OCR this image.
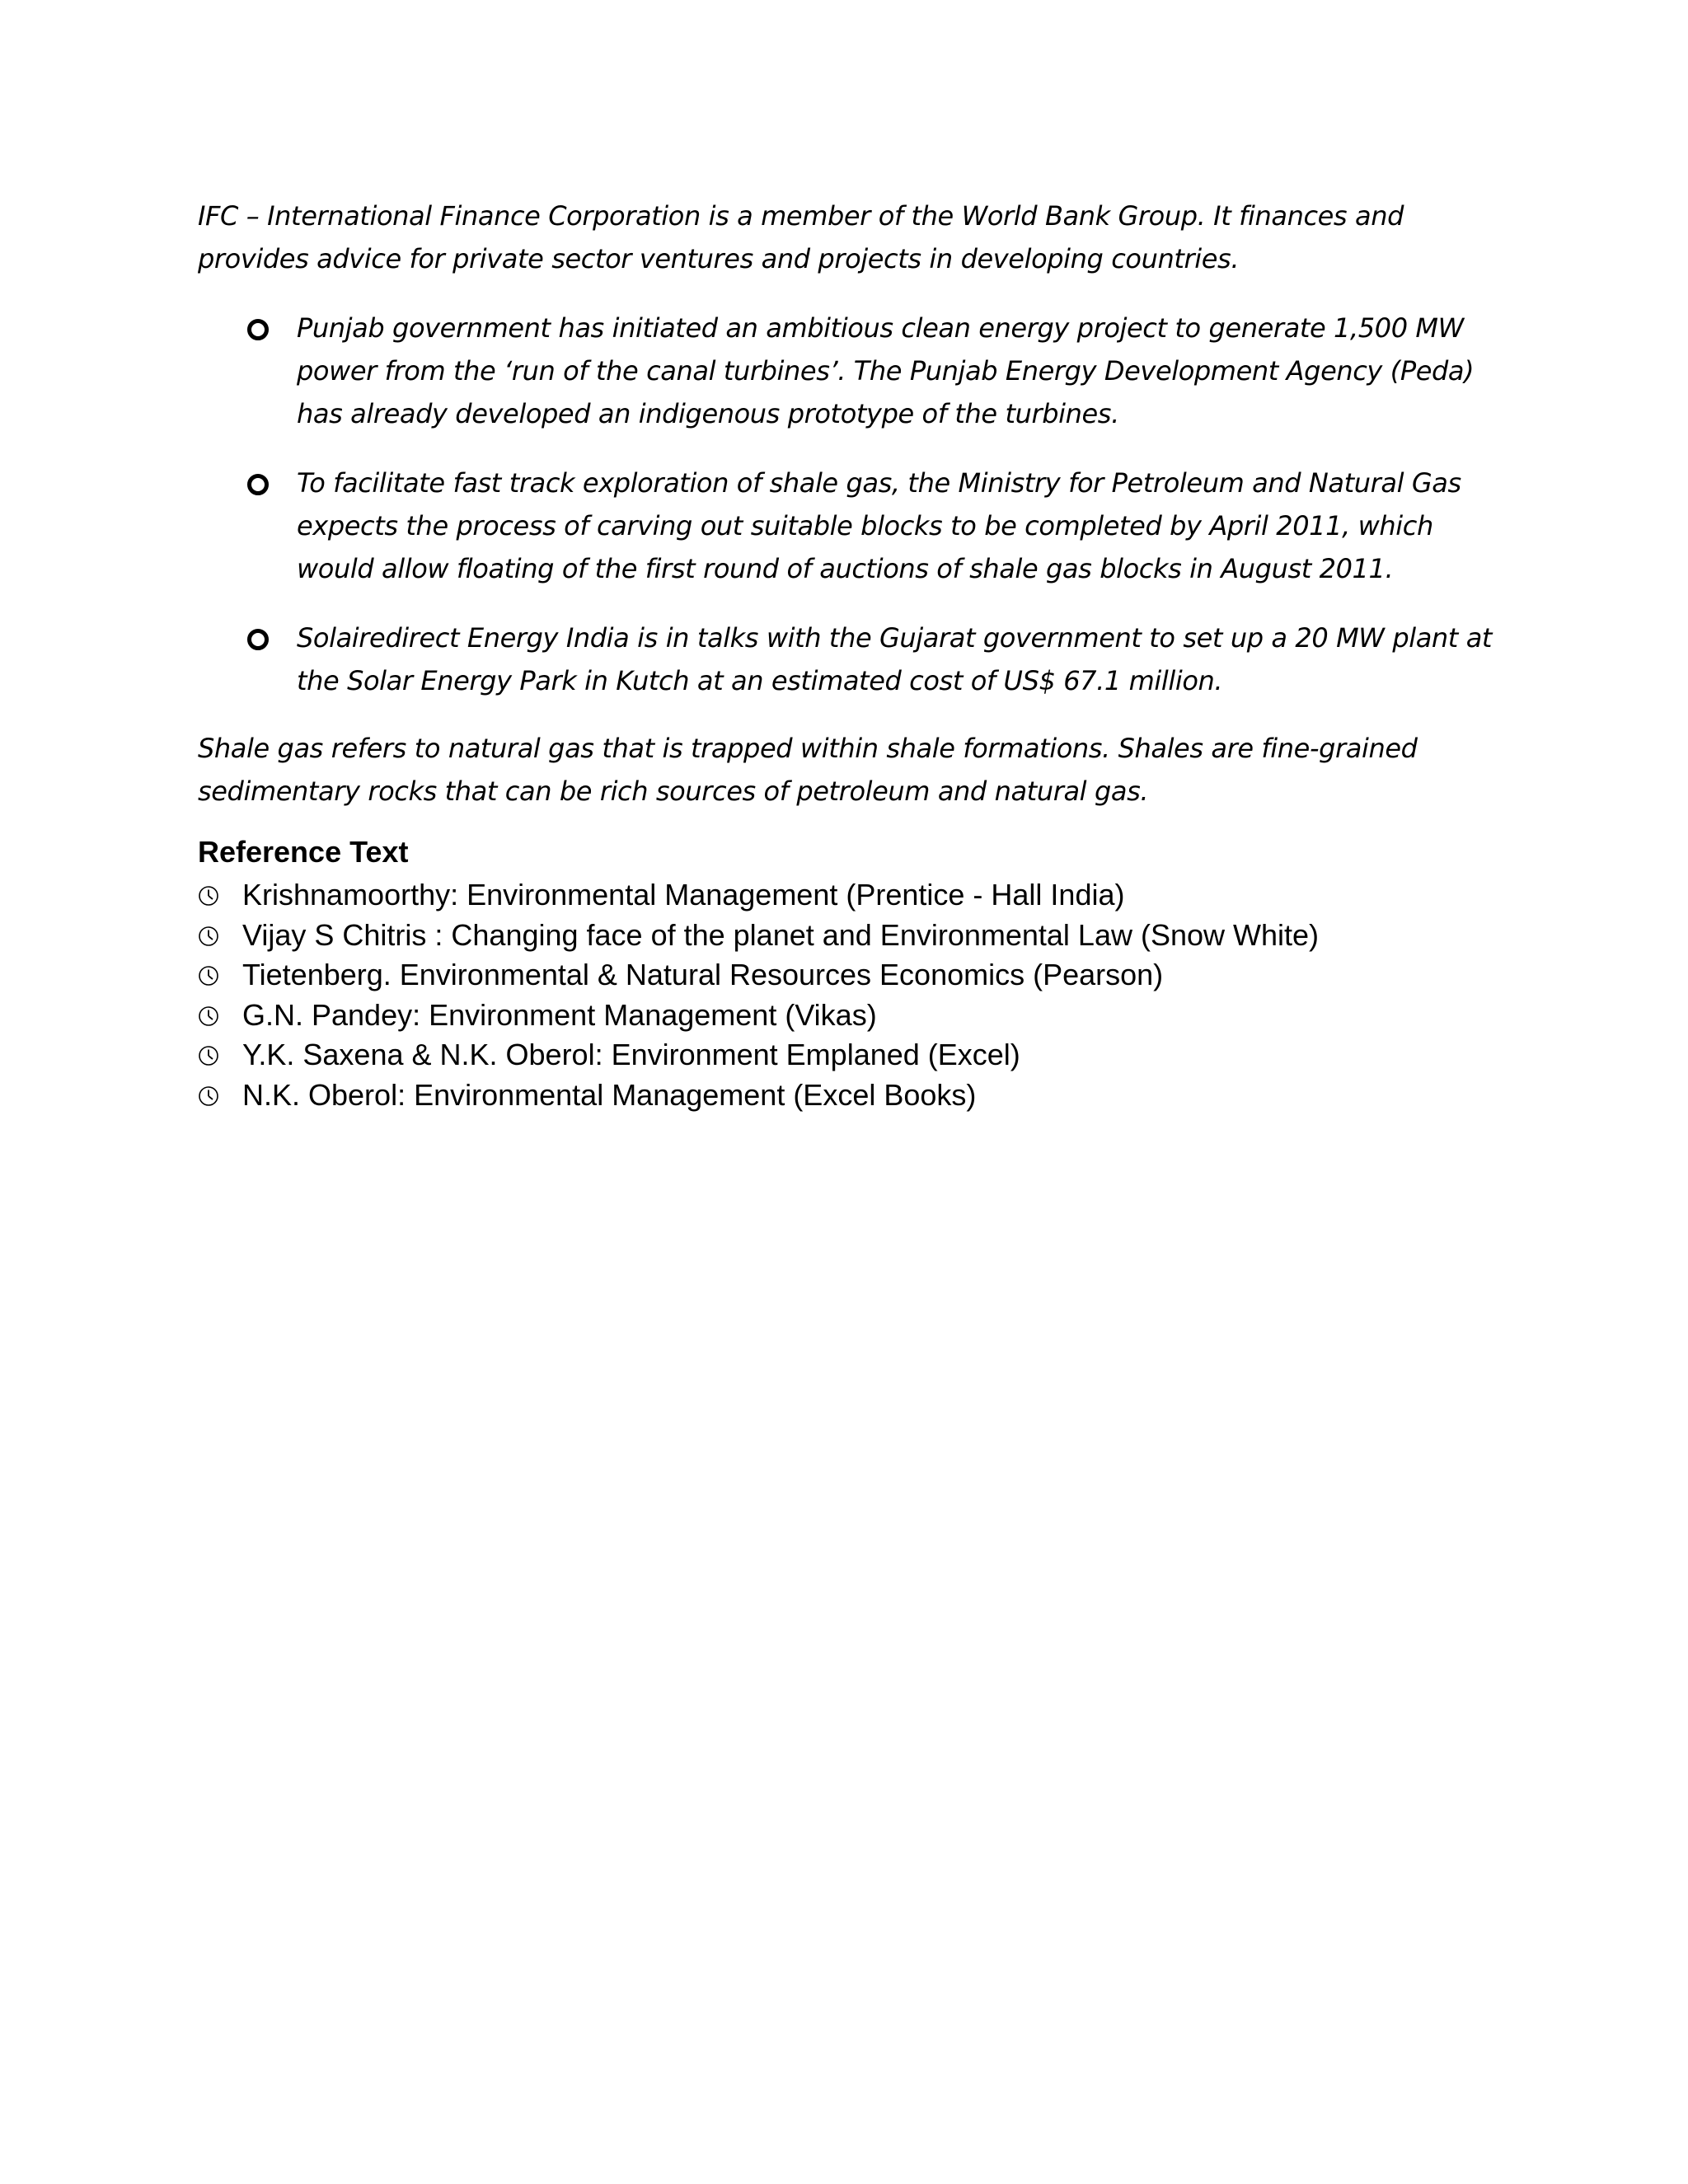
IFC – International Finance Corporation is a member of the World Bank Group. It finances and provides advice for private sector ventures and projects in developing countries.

Punjab government has initiated an ambitious clean energy project to generate 1,500 MW power from the ‘run of the canal turbines’. The Punjab Energy Development Agency (Peda) has already developed an indigenous prototype of the turbines.
To facilitate fast track exploration of shale gas, the Ministry for Petroleum and Natural Gas expects the process of carving out suitable blocks to be completed by April 2011, which would allow floating of the first round of auctions of shale gas blocks in August 2011.
Solairedirect Energy India is in talks with the Gujarat government to set up a 20 MW plant at the Solar Energy Park in Kutch at an estimated cost of US$ 67.1 million.

Shale gas refers to natural gas that is trapped within shale formations. Shales are fine-grained sedimentary rocks that can be rich sources of petroleum and natural gas.

Reference Text
Krishnamoorthy: Environmental Management (Prentice - Hall India)
Vijay S Chitris : Changing face of the planet and Environmental Law (Snow White)
Tietenberg. Environmental & Natural Resources Economics (Pearson)
G.N. Pandey: Environment Management (Vikas)
Y.K. Saxena & N.K. Oberol: Environment Emplaned (Excel)
N.K. Oberol: Environmental Management (Excel Books)
